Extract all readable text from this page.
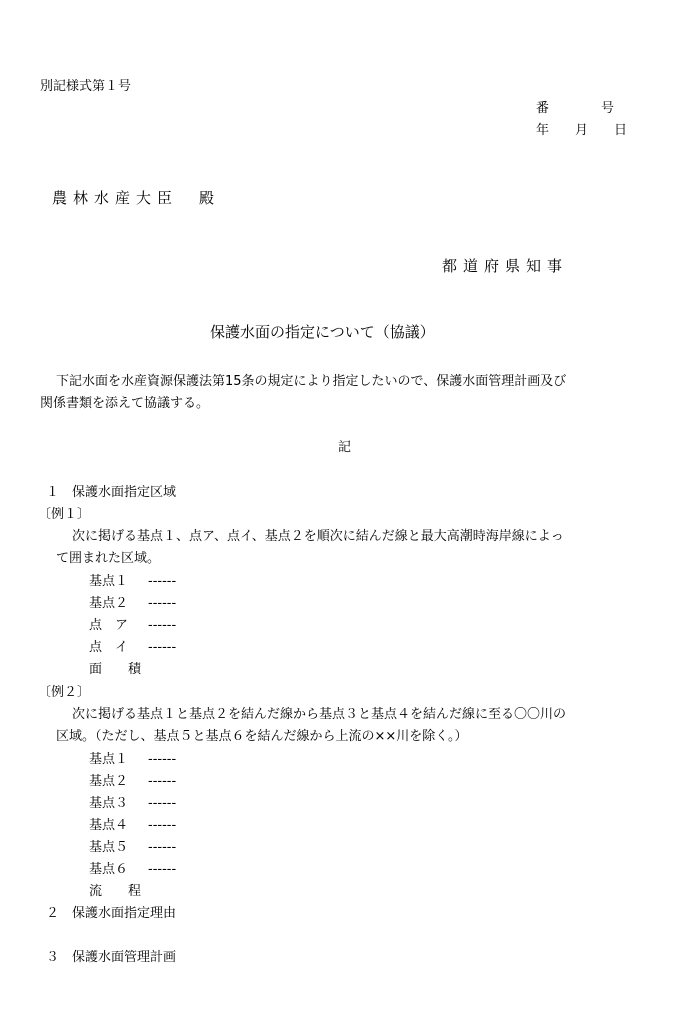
別記様式第１号
番　　　　号
年　　月　　日
農林水産大臣　殿
都道府県知事
保護水面の指定について（協議）
下記水面を水産資源保護法第15条の規定により指定したいので、保護水面管理計画及び
関係書類を添えて協議する。
記
１　保護水面指定区域
〔例１〕
次に掲げる基点１、点ア、点イ、基点２を順次に結んだ線と最大高潮時海岸線によっ
て囲まれた区域。
基点１ ------
基点２ ------
点　ア ------
点　イ ------
面　　積
〔例２〕
次に掲げる基点１と基点２を結んだ線から基点３と基点４を結んだ線に至る〇〇川の
区域。（ただし、基点５と基点６を結んだ線から上流の××川を除く。）
基点１ ------
基点２ ------
基点３ ------
基点４ ------
基点５ ------
基点６ ------
流　　程
２　保護水面指定理由
３　保護水面管理計画
